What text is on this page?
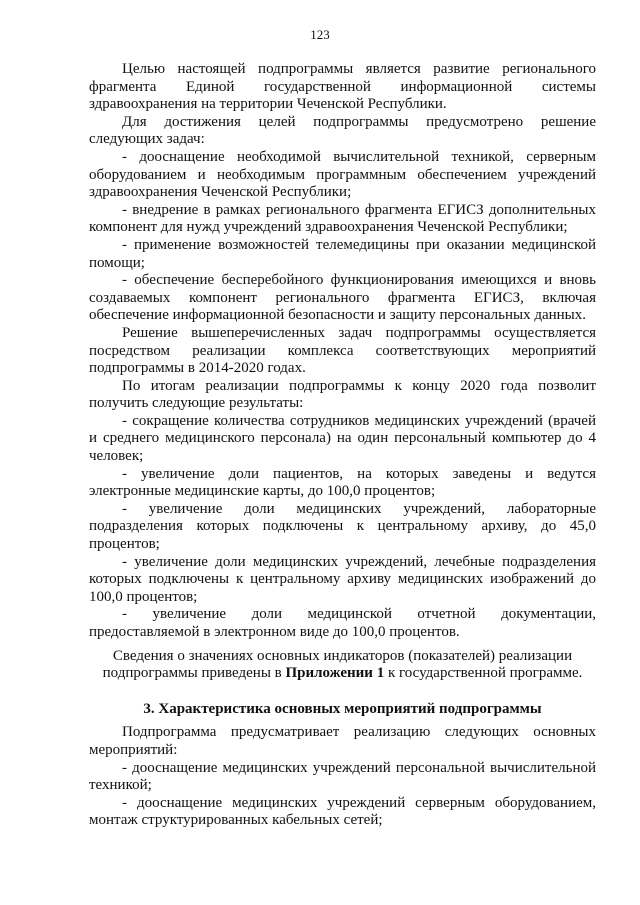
123

Целью настоящей подпрограммы является развитие регионального фрагмента Единой государственной информационной системы здравоохранения на территории Чеченской Республики.

Для достижения целей подпрограммы предусмотрено решение следующих задач:

- дооснащение необходимой вычислительной техникой, серверным оборудованием и необходимым программным обеспечением учреждений здравоохранения Чеченской Республики;

- внедрение в рамках регионального фрагмента ЕГИСЗ дополнительных компонент для нужд учреждений здравоохранения Чеченской Республики;

- применение возможностей телемедицины при оказании медицинской помощи;

- обеспечение бесперебойного функционирования имеющихся и вновь создаваемых компонент регионального фрагмента ЕГИСЗ, включая обеспечение информационной безопасности и защиту персональных данных.

Решение вышеперечисленных задач подпрограммы осуществляется посредством реализации комплекса соответствующих мероприятий подпрограммы в 2014-2020 годах.

По итогам реализации подпрограммы к концу 2020 года позволит получить следующие результаты:

- сокращение количества сотрудников медицинских учреждений (врачей и среднего медицинского персонала) на один персональный компьютер до 4 человек;

- увеличение доли пациентов, на которых заведены и ведутся электронные медицинские карты, до 100,0 процентов;

- увеличение доли медицинских учреждений, лабораторные подразделения которых подключены к центральному архиву, до 45,0 процентов;

- увеличение доли медицинских учреждений, лечебные подразделения которых подключены к центральному архиву медицинских изображений до 100,0 процентов;

- увеличение доли медицинской отчетной документации, предоставляемой в электронном виде до 100,0 процентов.

Сведения о значениях основных индикаторов (показателей) реализации подпрограммы приведены в Приложении 1 к государственной программе.

3. Характеристика основных мероприятий подпрограммы

Подпрограмма предусматривает реализацию следующих основных мероприятий:

- дооснащение медицинских учреждений персональной вычислительной техникой;

- дооснащение медицинских учреждений серверным оборудованием, монтаж структурированных кабельных сетей;
